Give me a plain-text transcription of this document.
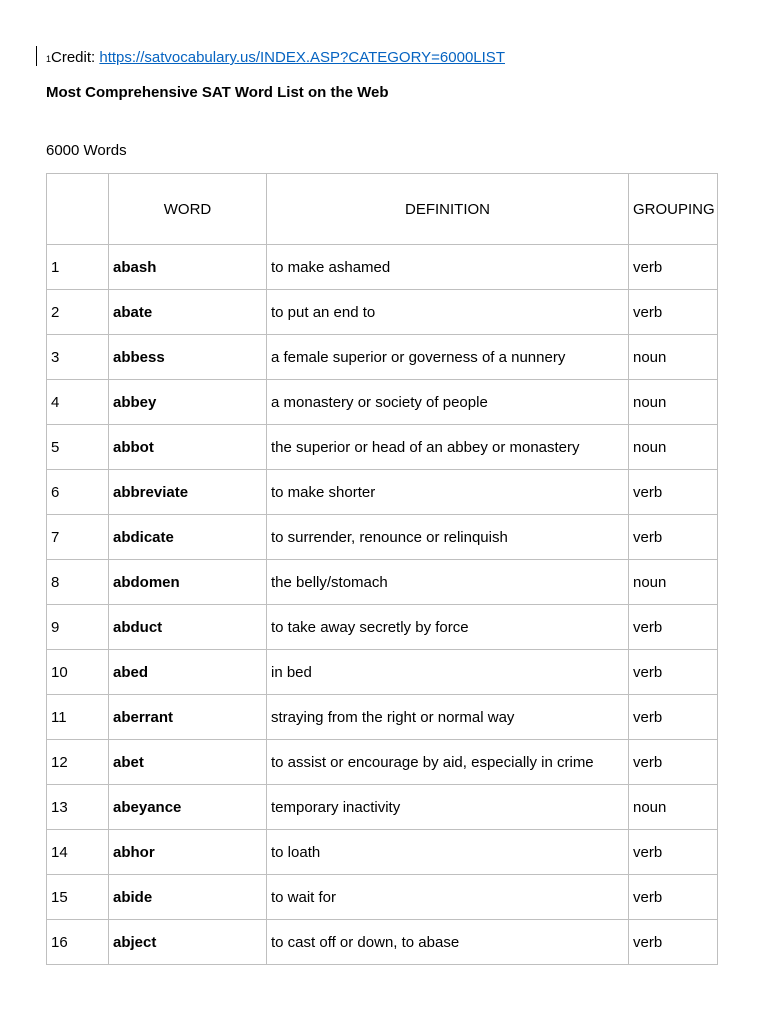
1Credit: https://satvocabulary.us/INDEX.ASP?CATEGORY=6000LIST
Most Comprehensive SAT Word List on the Web
6000 Words
	WORD	DEFINITION	GROUPING
1	abash	to make ashamed	verb
2	abate	to put an end to	verb
3	abbess	a female superior or governess of a nunnery	noun
4	abbey	a monastery or society of people	noun
5	abbot	the superior or head of an abbey or monastery	noun
6	abbreviate	to make shorter	verb
7	abdicate	to surrender, renounce or relinquish	verb
8	abdomen	the belly/stomach	noun
9	abduct	to take away secretly by force	verb
10	abed	in bed	verb
11	aberrant	straying from the right or normal way	verb
12	abet	to assist or encourage by aid, especially in crime	verb
13	abeyance	temporary inactivity	noun
14	abhor	to loath	verb
15	abide	to wait for	verb
16	abject	to cast off or down, to abase	verb
